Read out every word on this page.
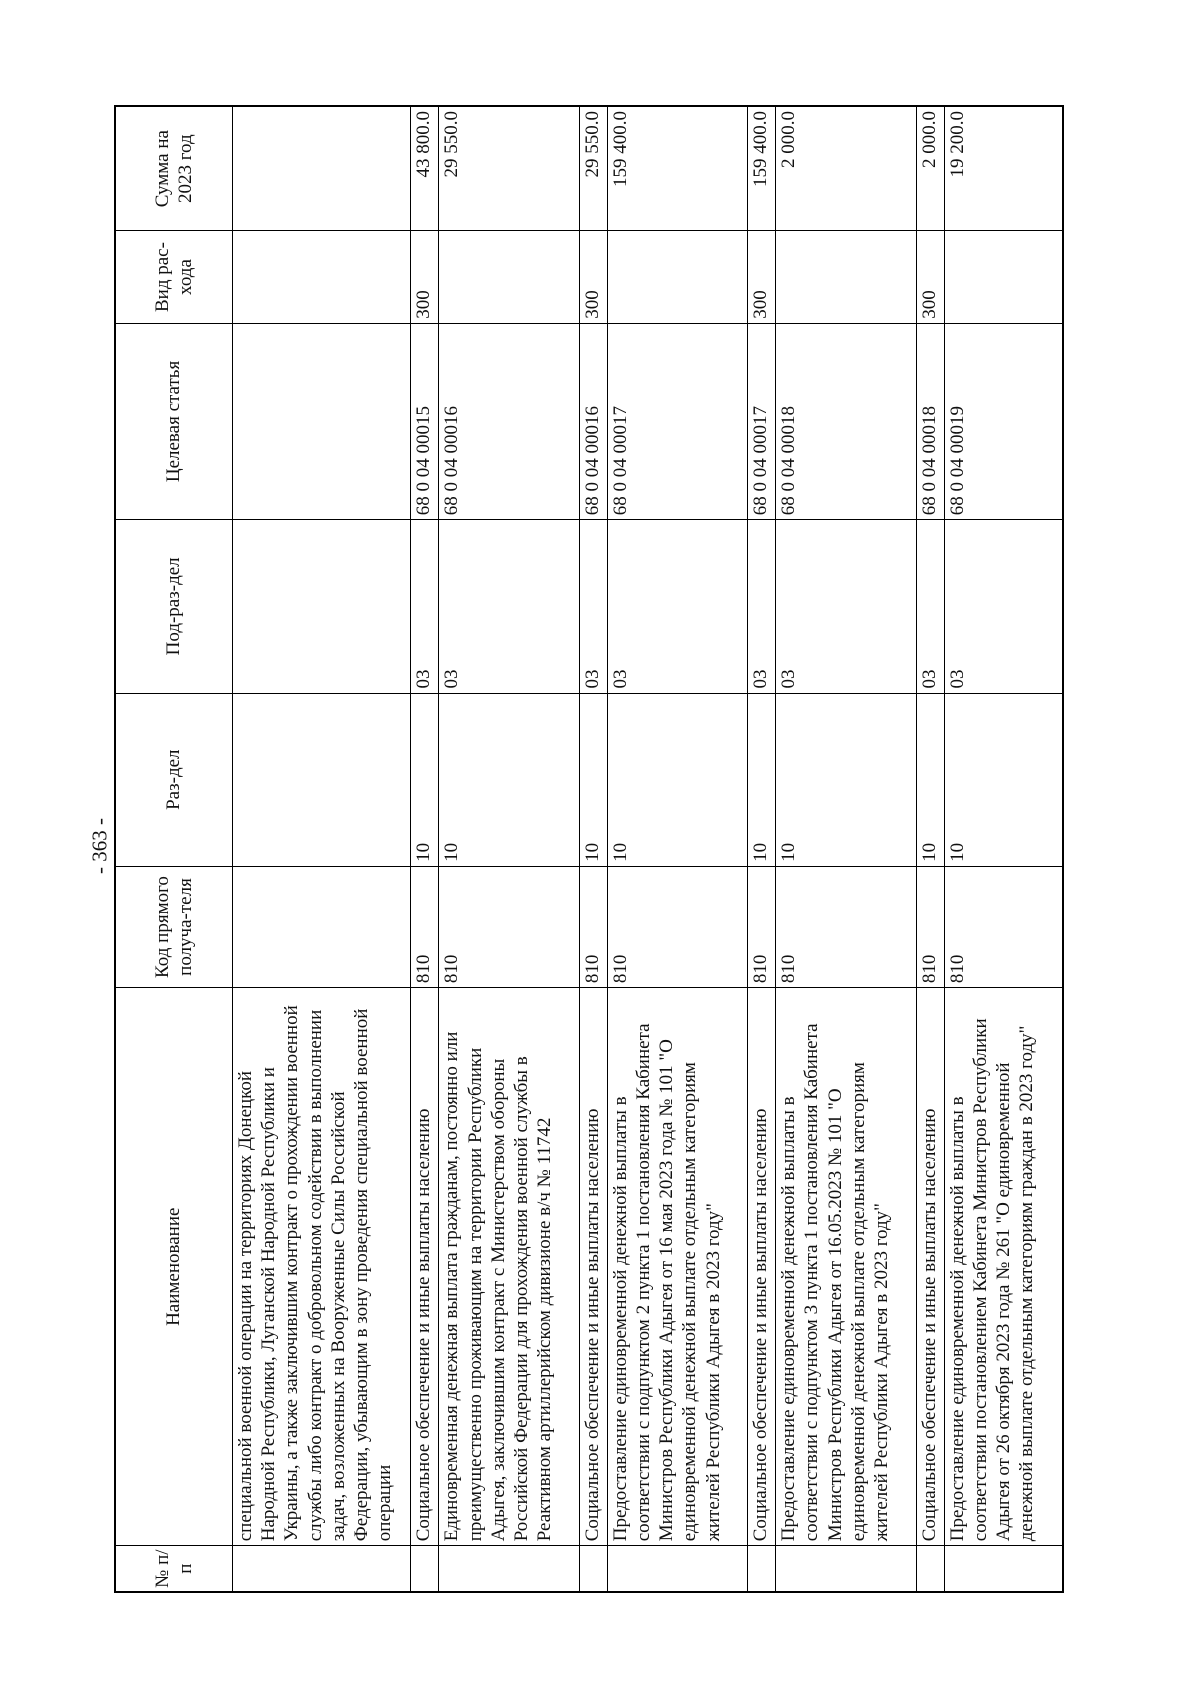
- 363 -
№ п/п	Наименование	Код прямого получа-теля	Раз-дел	Под-раз-дел	Целевая статья	Вид рас-хода	Сумма на 2023 год
	специальной военной операции на территориях Донецкой Народной Республики, Луганской Народной Республики и Украины, а также заключившим контракт о прохождении военной службы либо контракт о добровольном содействии в выполнении задач, возложенных на Вооруженные Силы Российской Федерации, убывающим в зону проведения специальной военной операции						
	Социальное обеспечение и иные выплаты населению	810	10	03	68 0 04 00015	300	43 800.0
	Единовременная денежная выплата гражданам, постоянно или преимущественно проживающим на территории Республики Адыгея, заключившим контракт с Министерством обороны Российской Федерации для прохождения военной службы в Реактивном артиллерийском дивизионе в/ч № 11742	810	10	03	68 0 04 00016		29 550.0
	Социальное обеспечение и иные выплаты населению	810	10	03	68 0 04 00016	300	29 550.0
	Предоставление единовременной денежной выплаты в соответствии с подпунктом 2 пункта 1 постановления Кабинета Министров Республики Адыгея от 16 мая 2023 года № 101 "О единовременной денежной выплате отдельным категориям жителей Республики Адыгея в 2023 году"	810	10	03	68 0 04 00017		159 400.0
	Социальное обеспечение и иные выплаты населению	810	10	03	68 0 04 00017	300	159 400.0
	Предоставление единовременной денежной выплаты в соответствии с подпунктом 3 пункта 1 постановления Кабинета Министров Республики Адыгея от 16.05.2023 № 101 "О единовременной денежной выплате отдельным категориям жителей Республики Адыгея в 2023 году"	810	10	03	68 0 04 00018		2 000.0
	Социальное обеспечение и иные выплаты населению	810	10	03	68 0 04 00018	300	2 000.0
	Предоставление единовременной денежной выплаты в соответствии постановлением Кабинета Министров Республики Адыгея от 26 октября 2023 года № 261 "О единовременной денежной выплате отдельным категориям граждан в 2023 году"	810	10	03	68 0 04 00019		19 200.0
